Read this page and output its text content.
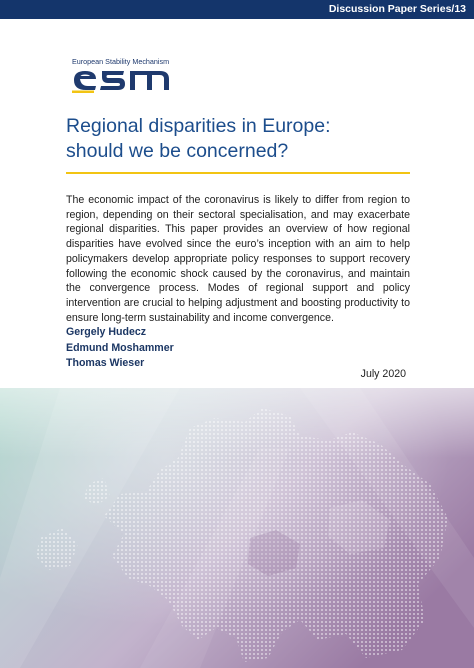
Discussion Paper Series/13
European Stability Mechanism
Regional disparities in Europe:
should we be concerned?

The economic impact of the coronavirus is likely to differ from region to region, depending on their sectoral specialisation, and may exacerbate regional disparities. This paper provides an overview of how regional disparities have evolved since the euro’s inception with an aim to help policymakers develop appropriate policy responses to support recovery following the economic shock caused by the coronavirus, and maintain the convergence process. Modes of regional support and policy intervention are crucial to helping adjustment and boosting productivity to ensure long-term sustainability and income convergence.

Gergely Hudecz
Edmund Moshammer
Thomas Wieser
July 2020
